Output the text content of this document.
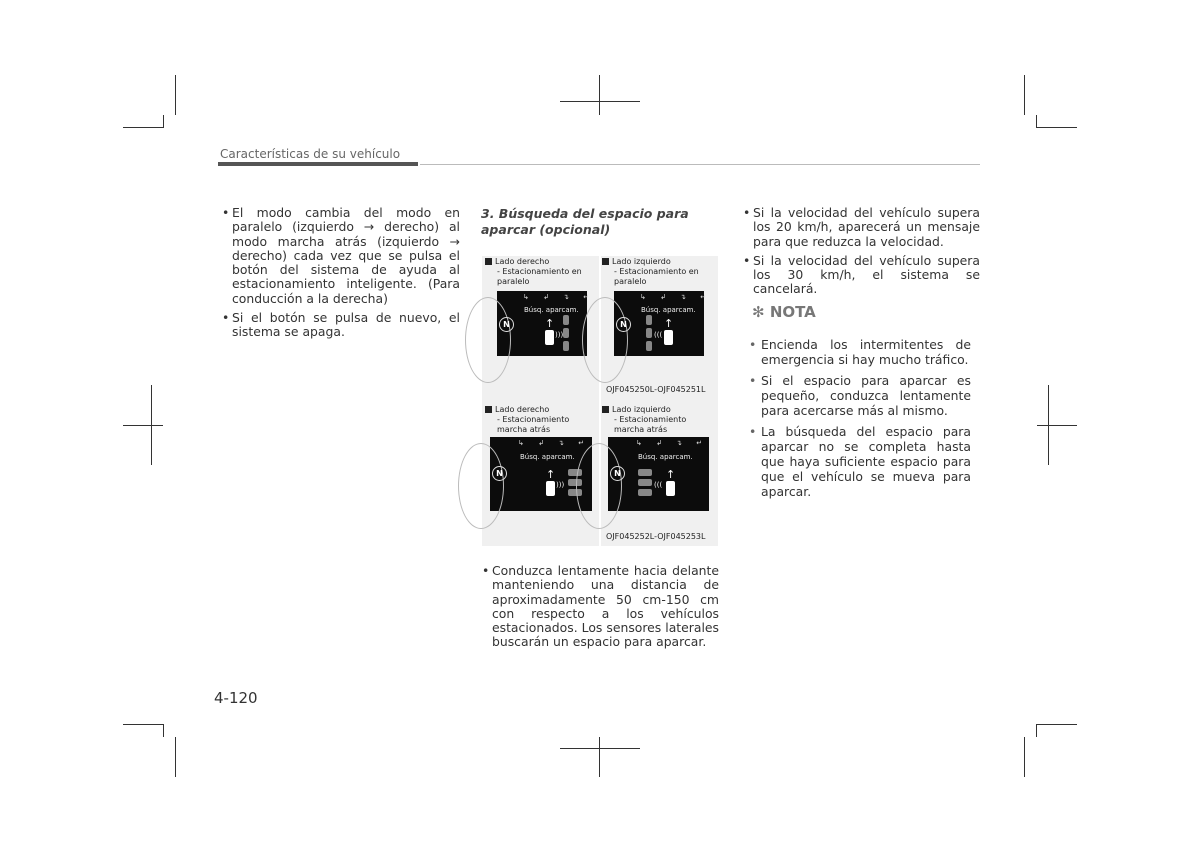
Características de su vehículo

• El modo cambia del modo en paralelo (izquierdo → derecho) al modo marcha atrás (izquierdo → derecho) cada vez que se pulsa el botón del sistema de ayuda al estacionamiento inteligente. (Para conducción a la derecha)

• Si el botón se pulsa de nuevo, el sistema se apaga.

3. Búsqueda del espacio para aparcar (opcional)
Lado derecho
- Estacionamiento en paralelo
N
↳ ↲ ↴ ↵
Búsq. aparcam.
↑
)))
Lado izquierdo
- Estacionamiento en paralelo
N
↳ ↲ ↴ ↵
Búsq. aparcam.
(((
↑
OJF045250L-OJF045251L
Lado derecho
- Estacionamiento marcha atrás
N
↳ ↲ ↴ ↵
Búsq. aparcam.
↑
)))
Lado izquierdo
- Estacionamiento marcha atrás
N
↳ ↲ ↴ ↵
Búsq. aparcam.
(((
↑
OJF045252L-OJF045253L

• Conduzca lentamente hacia delante manteniendo una distancia de aproximadamente 50 cm-150 cm con respecto a los vehículos estacionados. Los sensores laterales buscarán un espacio para aparcar.

• Si la velocidad del vehículo supera los 20 km/h, aparecerá un mensaje para que reduzca la velocidad.

• Si la velocidad del vehículo supera los 30 km/h, el sistema se cancelará.

✻ NOTA

• Encienda los intermitentes de emergencia si hay mucho tráfico.

• Si el espacio para aparcar es pequeño, conduzca lentamente para acercarse más al mismo.

• La búsqueda del espacio para aparcar no se completa hasta que haya suficiente espacio para que el vehículo se mueva para aparcar.

4-120
